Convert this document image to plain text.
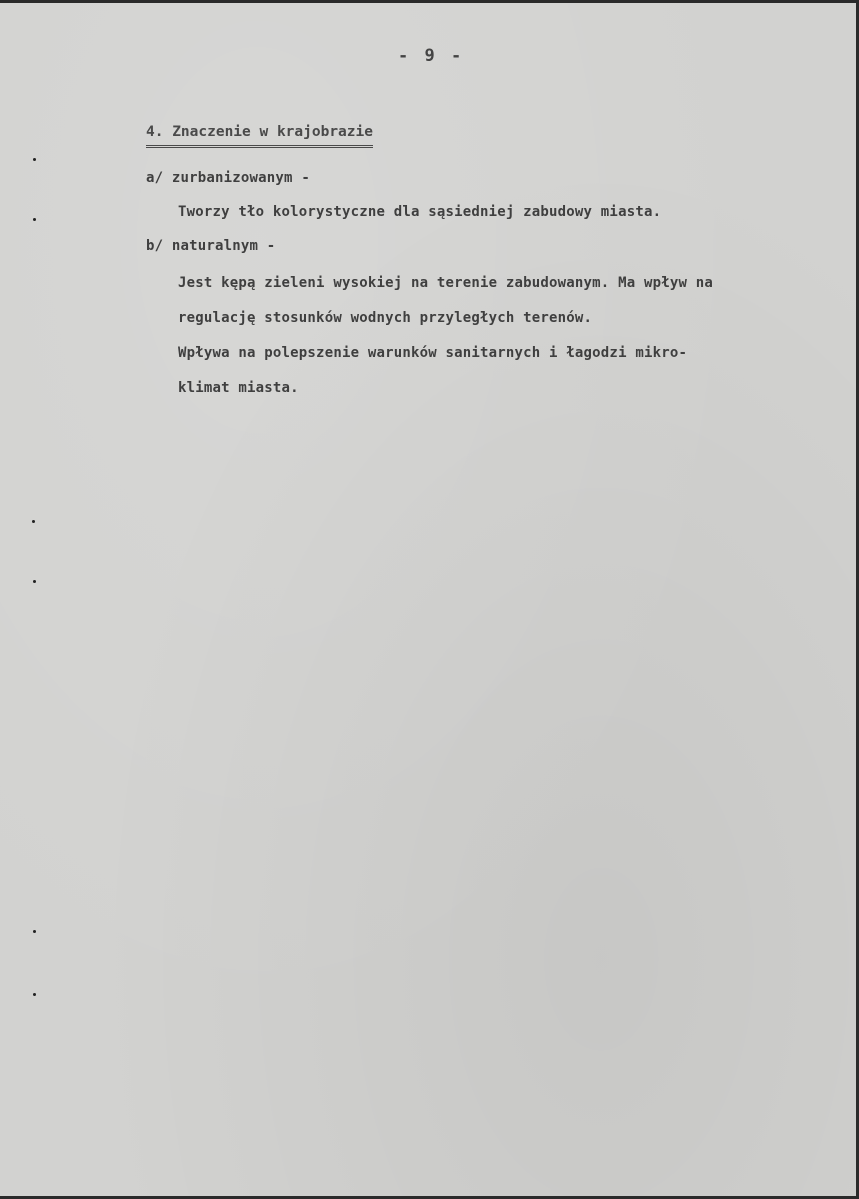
- 9 -
4. Znaczenie w krajobrazie
a/ zurbanizowanym -
Tworzy tło kolorystyczne dla sąsiedniej zabudowy miasta.
b/ naturalnym -
Jest kępą zieleni wysokiej na terenie zabudowanym. Ma wpływ na
regulację stosunków wodnych przyległych terenów.
Wpływa na polepszenie warunków sanitarnych i łagodzi mikro-
klimat miasta.
